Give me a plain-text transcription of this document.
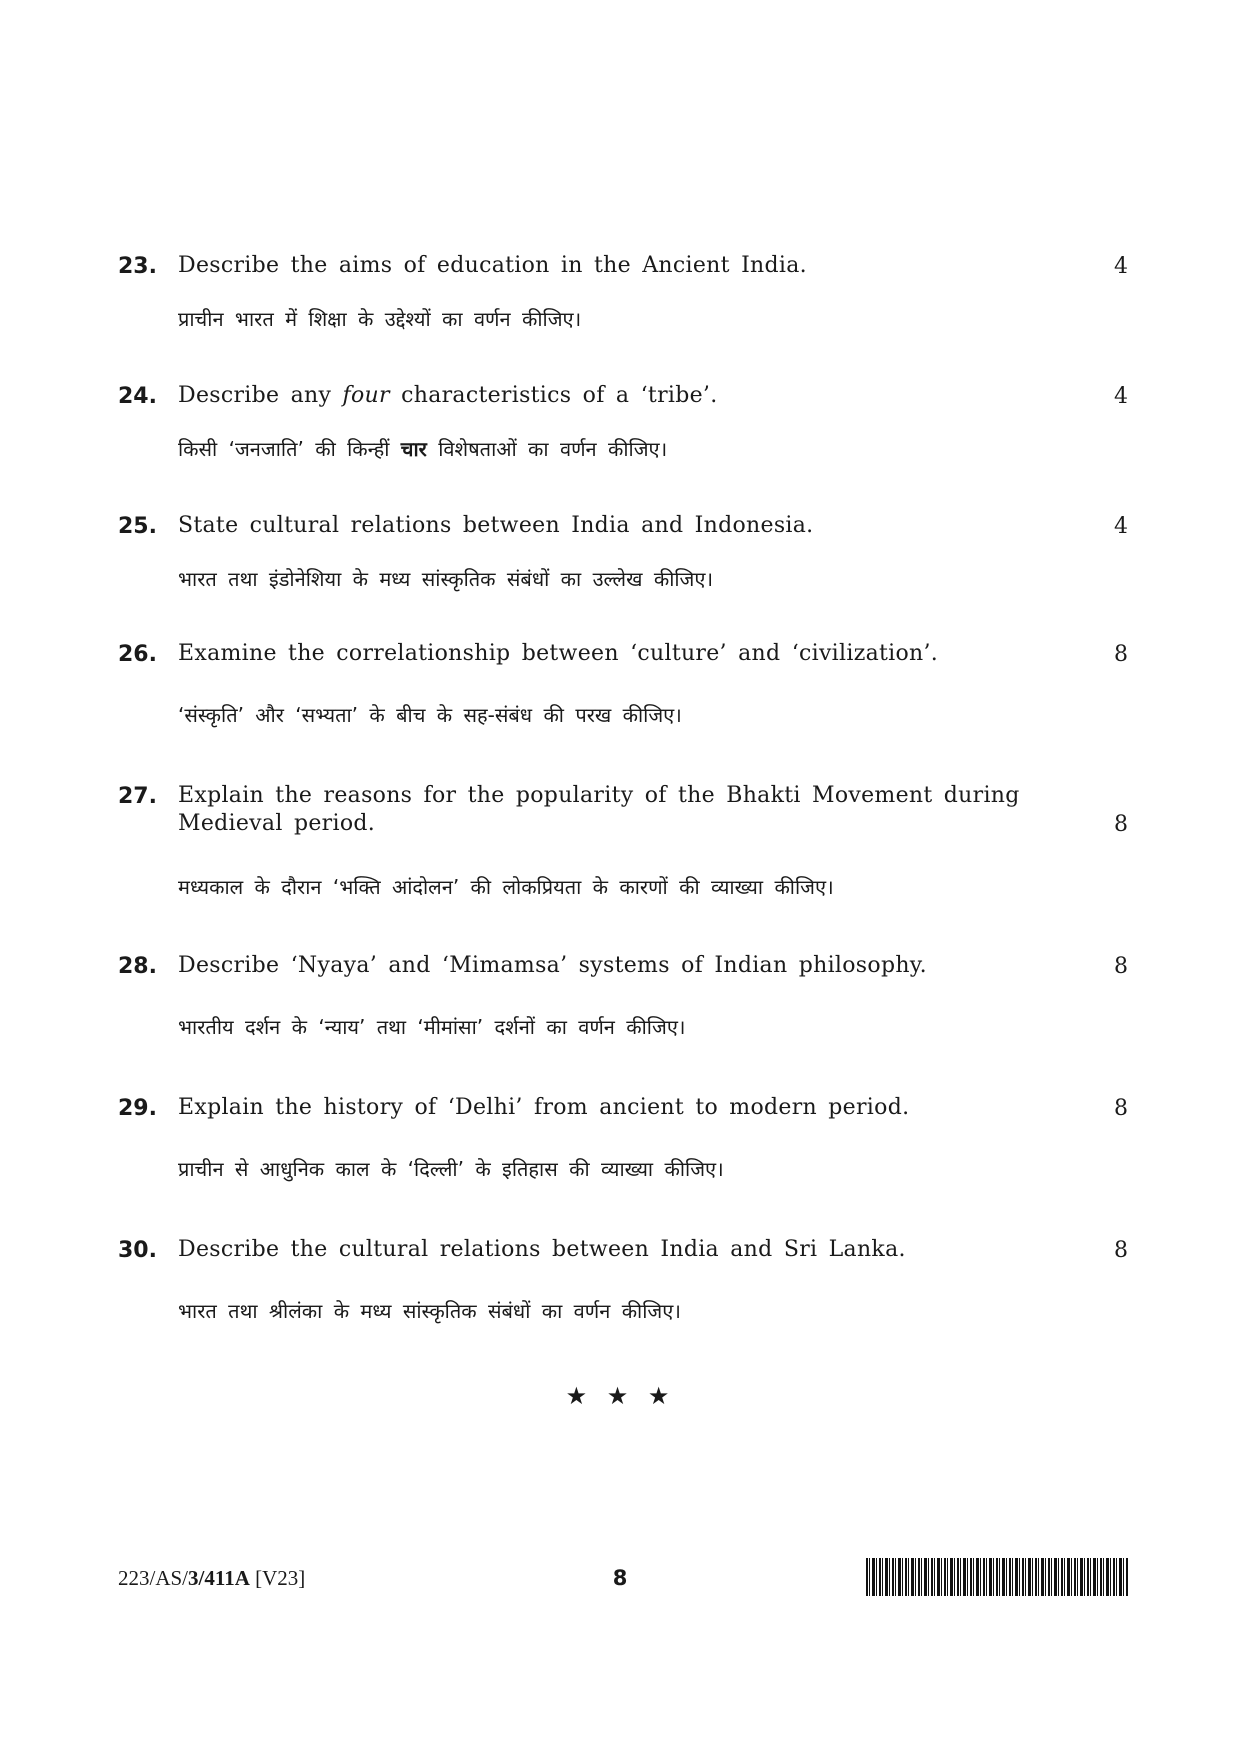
23. Describe the aims of education in the Ancient India.	4
प्राचीन भारत में शिक्षा के उद्देश्यों का वर्णन कीजिए।
24. Describe any four characteristics of a ‘tribe’.	4
किसी ‘जनजाति’ की किन्हीं चार विशेषताओं का वर्णन कीजिए।
25. State cultural relations between India and Indonesia.	4
भारत तथा इंडोनेशिया के मध्य सांस्कृतिक संबंधों का उल्लेख कीजिए।
26. Examine the correlationship between ‘culture’ and ‘civilization’.	8
‘संस्कृति’ और ‘सभ्यता’ के बीच के सह-संबंध की परख कीजिए।
27. Explain the reasons for the popularity of the Bhakti Movement during Medieval period.	8
मध्यकाल के दौरान ‘भक्ति आंदोलन’ की लोकप्रियता के कारणों की व्याख्या कीजिए।
28. Describe ‘Nyaya’ and ‘Mimamsa’ systems of Indian philosophy.	8
भारतीय दर्शन के ‘न्याय’ तथा ‘मीमांसा’ दर्शनों का वर्णन कीजिए।
29. Explain the history of ‘Delhi’ from ancient to modern period.	8
प्राचीन से आधुनिक काल के ‘दिल्ली’ के इतिहास की व्याख्या कीजिए।
30. Describe the cultural relations between India and Sri Lanka.	8
भारत तथा श्रीलंका के मध्य सांस्कृतिक संबंधों का वर्णन कीजिए।
★ ★ ★
223/AS/3/411A [V23]	8
